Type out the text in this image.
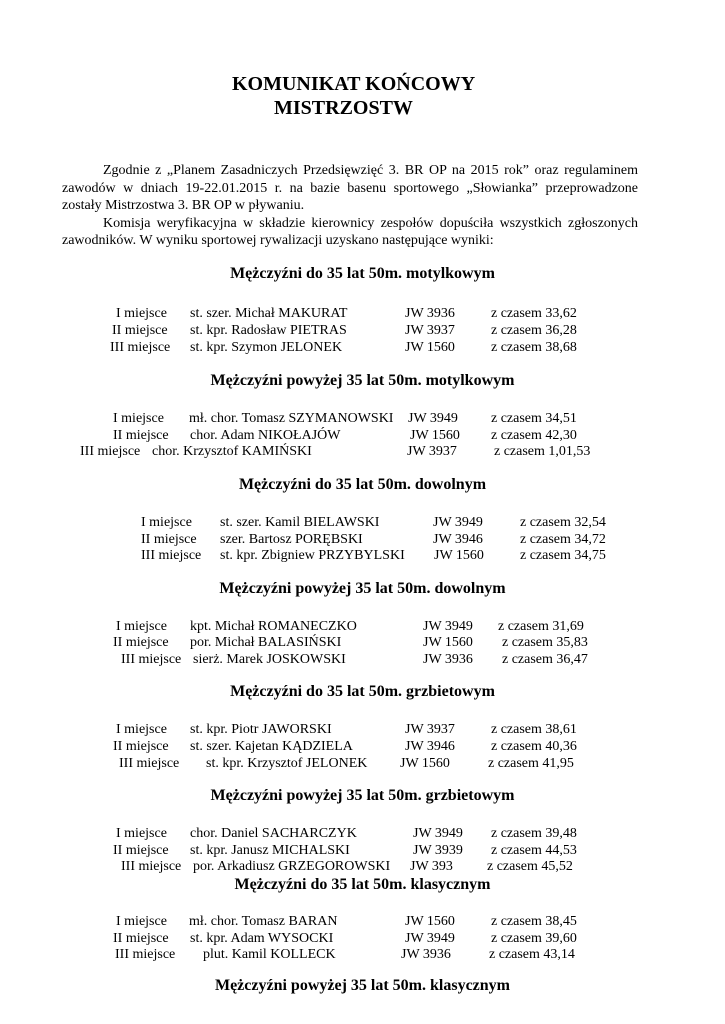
KOMUNIKAT KOŃCOWY
MISTRZOSTW

Zgodnie z „Planem Zasadniczych Przedsięwzięć 3. BR OP na 2015 rok” oraz regulaminem zawodów w dniach 19-22.01.2015 r. na bazie basenu sportowego „Słowianka” przeprowadzone zostały Mistrzostwa 3. BR OP w pływaniu.

Komisja weryfikacyjna w składzie kierownicy zespołów dopuściła wszystkich zgłoszonych zawodników. W wyniku sportowej rywalizacji uzyskano następujące wyniki:

Mężczyźni do 35 lat 50m. motylkowym
I miejsce st. szer. Michał MAKURAT	JW 3936	z czasem 33,62
II miejsce st. kpr. Radosław PIETRAS	JW 3937	z czasem 36,28
III miejsce st. kpr. Szymon JELONEK	JW 1560	z czasem 38,68
Mężczyźni powyżej 35 lat 50m. motylkowym
I miejsce mł. chor. Tomasz SZYMANOWSKI JW 3949 z czasem 34,51
II miejsce chor. Adam NIKOŁAJÓW	JW 1560 z czasem 42,30
III miejsce chor. Krzysztof KAMIŃSKI	JW 3937	z czasem 1,01,53
Mężczyźni do 35 lat 50m. dowolnym
I miejsce st. szer. Kamil BIELAWSKI	JW 3949	z czasem 32,54
II miejsce szer. Bartosz PORĘBSKI	JW 3946	z czasem 34,72
III miejsce st. kpr. Zbigniew PRZYBYLSKI JW 1560	z czasem 34,75
Mężczyźni powyżej 35 lat 50m. dowolnym
I miejsce kpt. Michał ROMANECZKO	JW 3949 z czasem 31,69
II miejsce por. Michał BALASIŃSKI	JW 1560 z czasem 35,83
III miejsce sierż. Marek JOSKOWSKI	JW 3936 z czasem 36,47
Mężczyźni do 35 lat 50m. grzbietowym
I miejsce st. kpr. Piotr JAWORSKI	JW 3937	z czasem 38,61
II miejsce st. szer. Kajetan KĄDZIELA	JW 3946	z czasem 40,36
III miejsce st. kpr. Krzysztof JELONEK JW 1560	z czasem 41,95
Mężczyźni powyżej 35 lat 50m. grzbietowym
I miejsce chor. Daniel SACHARCZYK	JW 3949 z czasem 39,48
II miejsce st. kpr. Janusz MICHALSKI	JW 3939 z czasem 44,53
III miejsce por. Arkadiusz GRZEGOROWSKI JW 393 z czasem 45,52
Mężczyźni do 35 lat 50m. klasycznym
I miejsce mł. chor. Tomasz BARAN	JW 1560	z czasem 38,45
II miejsce st. kpr. Adam WYSOCKI	JW 3949	z czasem 39,60
III miejsce plut. Kamil KOLLECK	JW 3936	z czasem 43,14
Mężczyźni powyżej 35 lat 50m. klasycznym
